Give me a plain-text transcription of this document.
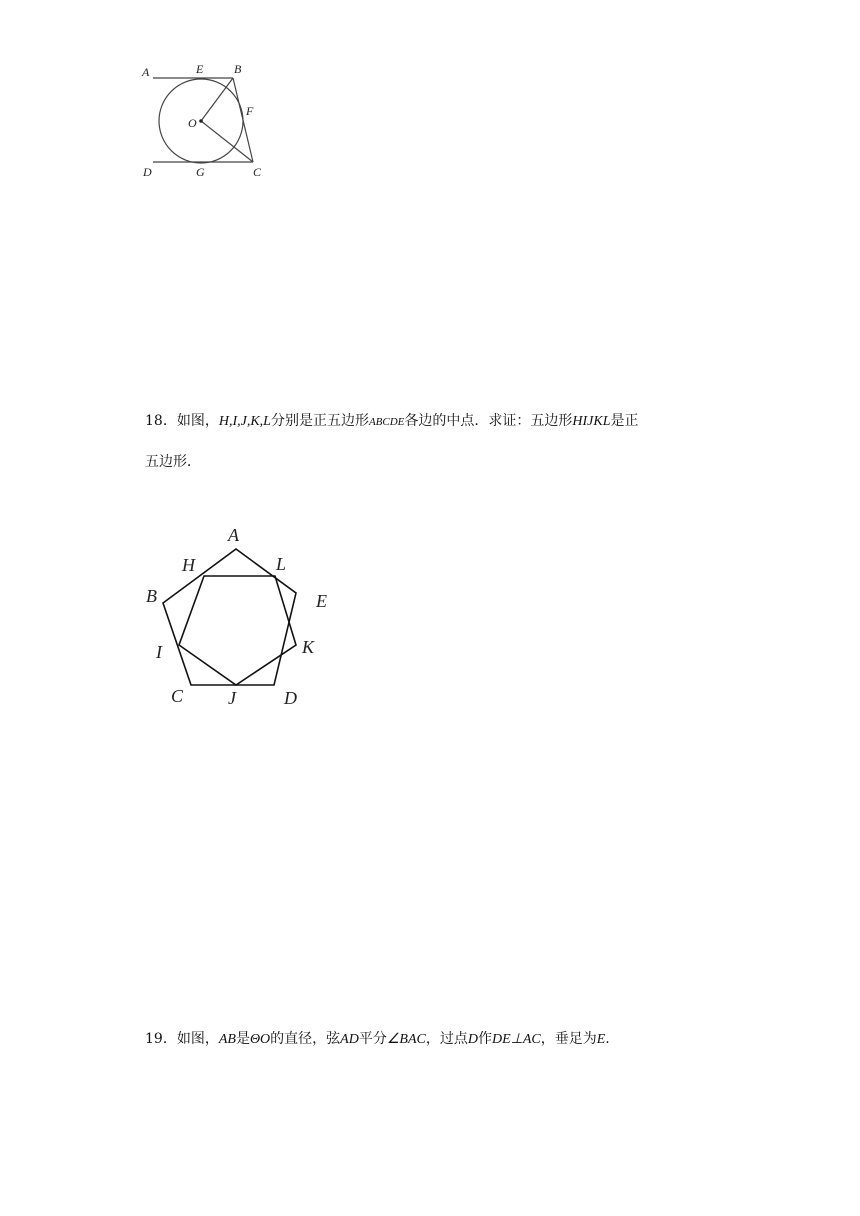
A	E	B
F
O
D	G	C
18．如图，H,I,J,K,L分别是正五边形ABCDE各边的中点．求证：五边形HIJKL是正
五边形．
A
H	L
B	E
I	K
C J	D
19．如图，AB是ΘO的直径，弦AD平分∠BAC，过点D作DE⊥AC，垂足为E.
